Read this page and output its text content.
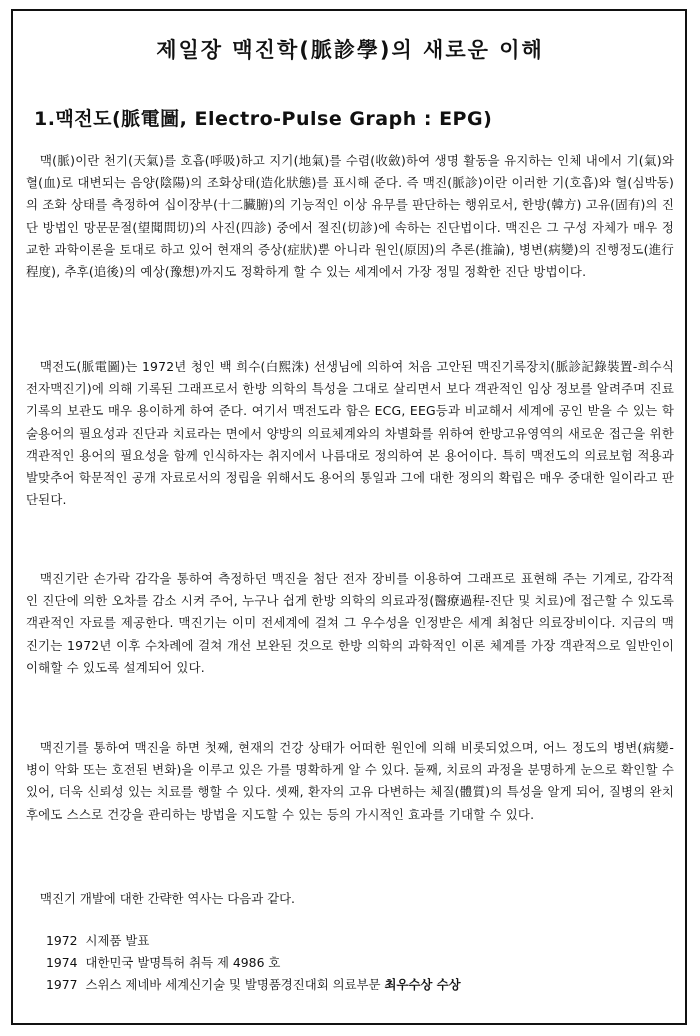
제일장 맥진학(脈診學)의 새로운 이해
1.맥전도(脈電圖, Electro-Pulse Graph : EPG)

맥(脈)이란 천기(天氣)를 호흡(呼吸)하고 지기(地氣)를 수렴(收斂)하여 생명 활동을 유지하는 인체 내에서 기(氣)와 혈(血)로 대변되는 음양(陰陽)의 조화상태(造化狀態)를 표시해 준다. 즉 맥진(脈診)이란 이러한 기(호흡)와 혈(심박동)의 조화 상태를 측정하여 십이장부(十二臟腑)의 기능적인 이상 유무를 판단하는 행위로서, 한방(韓方) 고유(固有)의 진단 방법인 망문문절(望聞問切)의 사진(四診) 중에서 절진(切診)에 속하는 진단법이다. 맥진은 그 구성 자체가 매우 정교한 과학이론을 토대로 하고 있어 현재의 증상(症狀)뿐 아니라 원인(原因)의 추론(推論), 병변(病變)의 진행정도(進行程度), 추후(追後)의 예상(豫想)까지도 정확하게 할 수 있는 세계에서 가장 정밀 정확한 진단 방법이다.

맥전도(脈電圖)는 1972년 청인 백 희수(白熙洙) 선생님에 의하여 처음 고안된 맥진기록장치(脈診記錄裝置-희수식전자맥진기)에 의해 기록된 그래프로서 한방 의학의 특성을 그대로 살리면서 보다 객관적인 임상 정보를 알려주며 진료 기록의 보관도 매우 용이하게 하여 준다. 여기서 맥전도라 함은 ECG, EEG등과 비교해서 세계에 공인 받을 수 있는 학술용어의 필요성과 진단과 치료라는 면에서 양방의 의료체계와의 차별화를 위하여 한방고유영역의 새로운 접근을 위한 객관적인 용어의 필요성을 함께 인식하자는 취지에서 나름대로 정의하여 본 용어이다. 특히 맥전도의 의료보험 적용과 발맞추어 학문적인 공개 자료로서의 정립을 위해서도 용어의 통일과 그에 대한 정의의 확립은 매우 중대한 일이라고 판단된다.

맥진기란 손가락 감각을 통하여 측정하던 맥진을 첨단 전자 장비를 이용하여 그래프로 표현해 주는 기계로, 감각적인 진단에 의한 오차를 감소 시켜 주어, 누구나 쉽게 한방 의학의 의료과정(醫療過程-진단 및 치료)에 접근할 수 있도록 객관적인 자료를 제공한다. 맥진기는 이미 전세계에 걸쳐 그 우수성을 인정받은 세계 최첨단 의료장비이다. 지금의 맥진기는 1972년 이후 수차례에 걸쳐 개선 보완된 것으로 한방 의학의 과학적인 이론 체계를 가장 객관적으로 일반인이 이해할 수 있도록 설계되어 있다.

맥진기를 통하여 맥진을 하면 첫째, 현재의 건강 상태가 어떠한 원인에 의해 비롯되었으며, 어느 정도의 병변(病變-병이 악화 또는 호전된 변화)을 이루고 있은 가를 명확하게 알 수 있다. 둘째, 치료의 과정을 분명하게 눈으로 확인할 수 있어, 더욱 신뢰성 있는 치료를 행할 수 있다. 셋째, 환자의 고유 다변하는 체질(體質)의 특성을 알게 되어, 질병의 완치 후에도 스스로 건강을 관리하는 방법을 지도할 수 있는 등의 가시적인 효과를 기대할 수 있다.

맥진기 개발에 대한 간략한 역사는 다음과 같다.
1972 시제품 발표
1974 대한민국 발명특허 취득 제 4986 호
1977 스위스 제네바 세계신기술 및 발명품경진대회 의료부문 최우수상 수상
